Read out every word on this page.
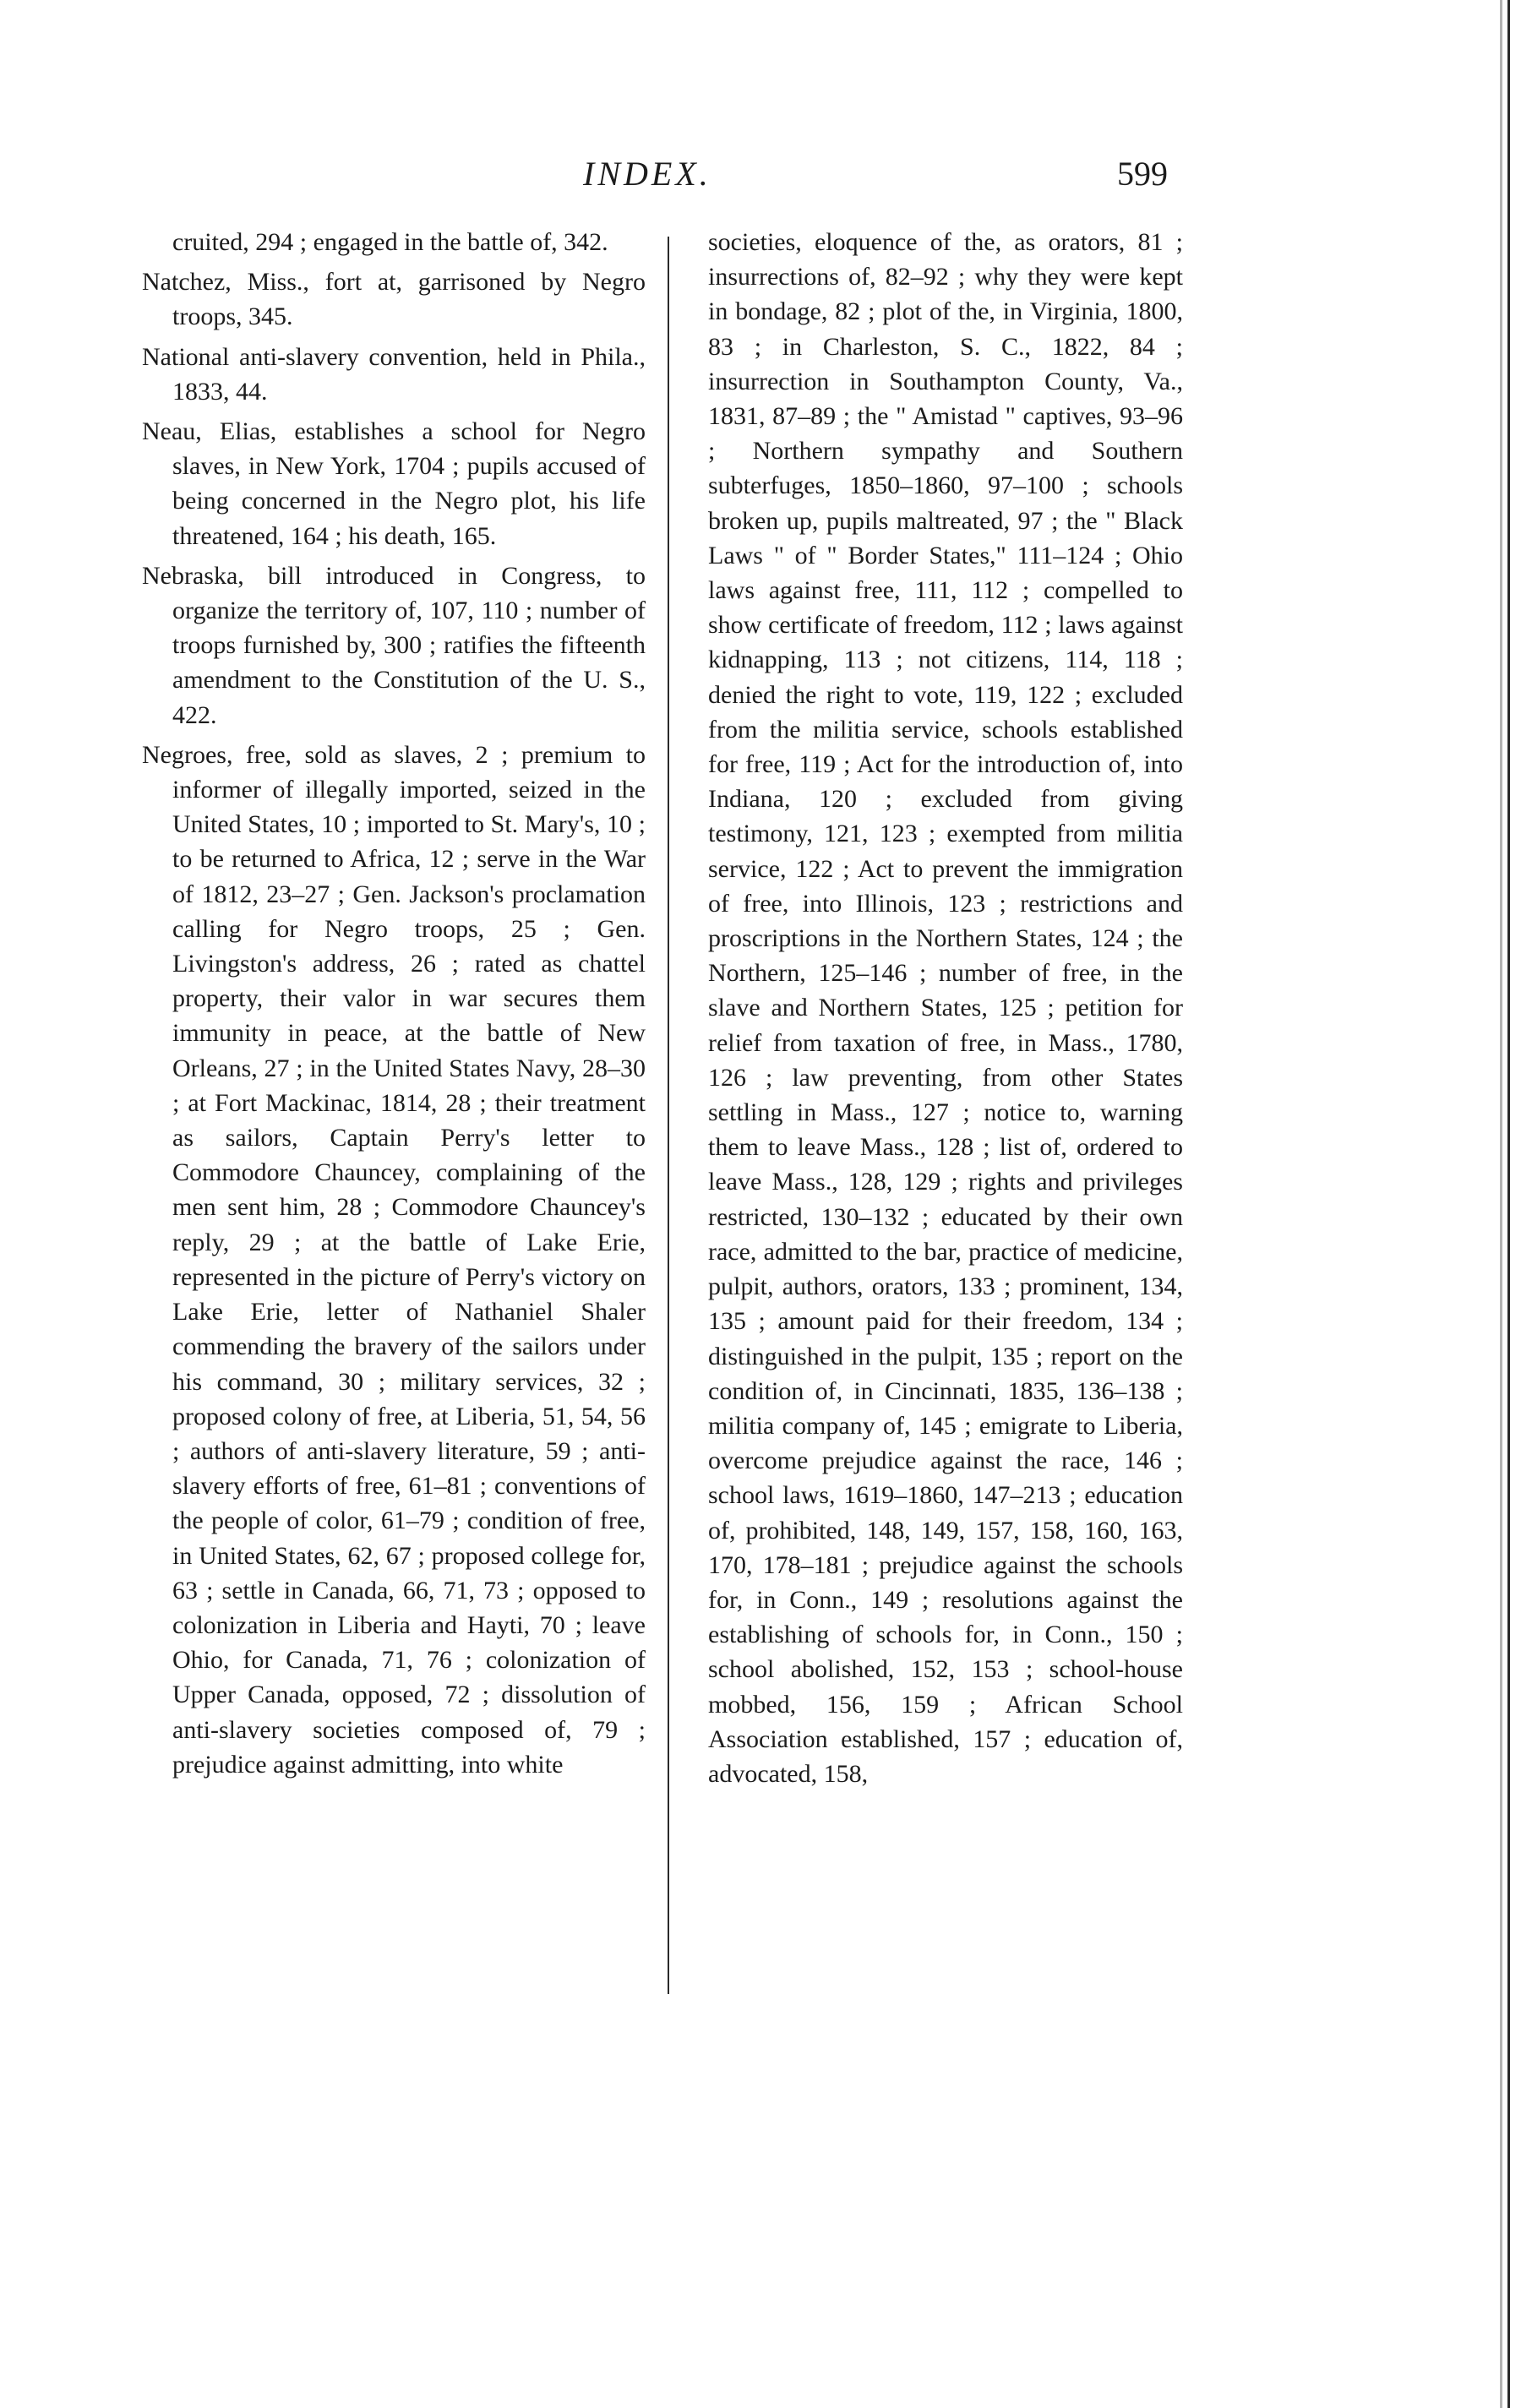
INDEX.	599

cruited, 294 ; engaged in the battle of, 342.

Natchez, Miss., fort at, garrisoned by Negro troops, 345.

National anti-slavery convention, held in Phila., 1833, 44.

Neau, Elias, establishes a school for Negro slaves, in New York, 1704 ; pupils accused of being concerned in the Negro plot, his life threatened, 164 ; his death, 165.

Nebraska, bill introduced in Congress, to organize the territory of, 107, 110 ; number of troops furnished by, 300 ; ratifies the fifteenth amendment to the Constitution of the U. S., 422.

Negroes, free, sold as slaves, 2 ; premium to informer of illegally imported, seized in the United States, 10 ; imported to St. Mary's, 10 ; to be returned to Africa, 12 ; serve in the War of 1812, 23–27 ; Gen. Jackson's proclamation calling for Negro troops, 25 ; Gen. Livingston's address, 26 ; rated as chattel property, their valor in war secures them immunity in peace, at the battle of New Orleans, 27 ; in the United States Navy, 28–30 ; at Fort Mackinac, 1814, 28 ; their treatment as sailors, Captain Perry's letter to Commodore Chauncey, complaining of the men sent him, 28 ; Commodore Chauncey's reply, 29 ; at the battle of Lake Erie, represented in the picture of Perry's victory on Lake Erie, letter of Nathaniel Shaler commending the bravery of the sailors under his command, 30 ; military services, 32 ; proposed colony of free, at Liberia, 51, 54, 56 ; authors of anti-slavery literature, 59 ; anti-slavery efforts of free, 61–81 ; conventions of the people of color, 61–79 ; condition of free, in United States, 62, 67 ; proposed college for, 63 ; settle in Canada, 66, 71, 73 ; opposed to colonization in Liberia and Hayti, 70 ; leave Ohio, for Canada, 71, 76 ; colonization of Upper Canada, opposed, 72 ; dissolution of anti-slavery societies composed of, 79 ; prejudice against admitting, into white

societies, eloquence of the, as orators, 81 ; insurrections of, 82–92 ; why they were kept in bondage, 82 ; plot of the, in Virginia, 1800, 83 ; in Charleston, S. C., 1822, 84 ; insurrection in Southampton County, Va., 1831, 87–89 ; the " Amistad " captives, 93–96 ; Northern sympathy and Southern subterfuges, 1850–1860, 97–100 ; schools broken up, pupils maltreated, 97 ; the " Black Laws " of " Border States," 111–124 ; Ohio laws against free, 111, 112 ; compelled to show certificate of freedom, 112 ; laws against kidnapping, 113 ; not citizens, 114, 118 ; denied the right to vote, 119, 122 ; excluded from the militia service, schools established for free, 119 ; Act for the introduction of, into Indiana, 120 ; excluded from giving testimony, 121, 123 ; exempted from militia service, 122 ; Act to prevent the immigration of free, into Illinois, 123 ; restrictions and proscriptions in the Northern States, 124 ; the Northern, 125–146 ; number of free, in the slave and Northern States, 125 ; petition for relief from taxation of free, in Mass., 1780, 126 ; law preventing, from other States settling in Mass., 127 ; notice to, warning them to leave Mass., 128 ; list of, ordered to leave Mass., 128, 129 ; rights and privileges restricted, 130–132 ; educated by their own race, admitted to the bar, practice of medicine, pulpit, authors, orators, 133 ; prominent, 134, 135 ; amount paid for their freedom, 134 ; distinguished in the pulpit, 135 ; report on the condition of, in Cincinnati, 1835, 136–138 ; militia company of, 145 ; emigrate to Liberia, overcome prejudice against the race, 146 ; school laws, 1619–1860, 147–213 ; education of, prohibited, 148, 149, 157, 158, 160, 163, 170, 178–181 ; prejudice against the schools for, in Conn., 149 ; resolutions against the establishing of schools for, in Conn., 150 ; school abolished, 152, 153 ; school-house mobbed, 156, 159 ; African School Association established, 157 ; education of, advocated, 158,
